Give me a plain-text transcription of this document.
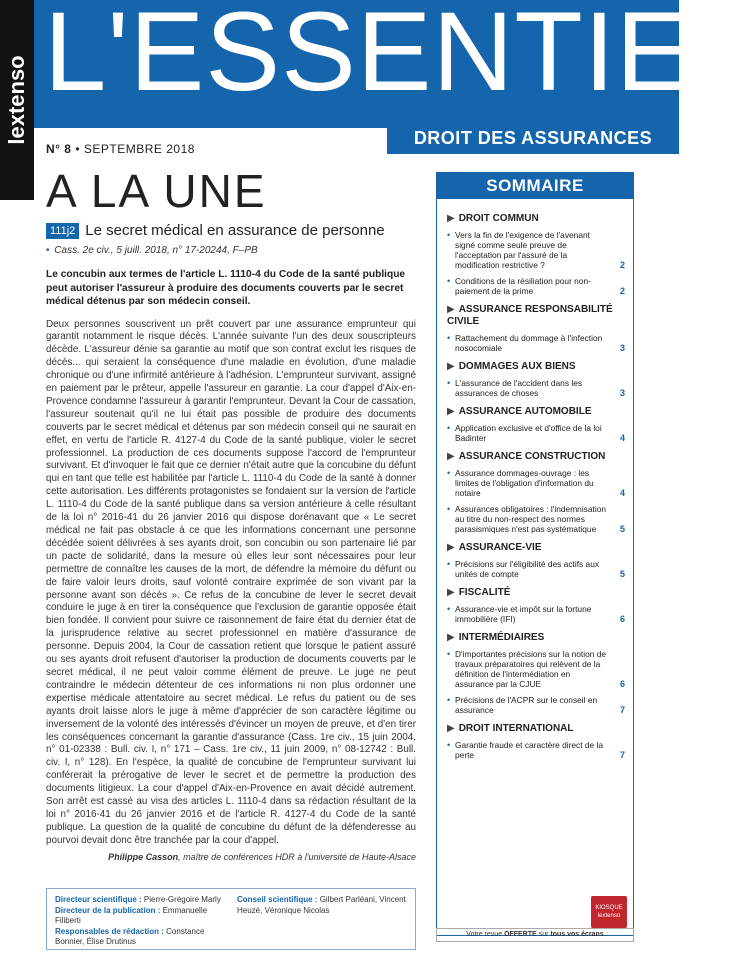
lextenso L'ESSENTIEL
DROIT DES ASSURANCES
N° 8 • SEPTEMBRE 2018
A LA UNE
111j2 Le secret médical en assurance de personne
• Cass. 2e civ., 5 juill. 2018, n° 17-20244, F–PB
Le concubin aux termes de l'article L. 1110-4 du Code de la santé publique peut autoriser l'assureur à produire des documents couverts par le secret médical détenus par son médecin conseil.
Deux personnes souscrivent un prêt couvert par une assurance emprunteur qui garantit notamment le risque décès. L'année suivante l'un des deux souscripteurs décède. L'assureur dénie sa garantie au motif que son contrat exclut les risques de décès... qui seraient la conséquence d'une maladie en évolution, d'une maladie chronique ou d'une infirmité antérieure à l'adhésion. L'emprunteur survivant, assigné en paiement par le prêteur, appelle l'assureur en garantie. La cour d'appel d'Aix-en-Provence condamne l'assureur à garantir l'emprunteur. Devant la Cour de cassation, l'assureur soutenait qu'il ne lui était pas possible de produire des documents couverts par le secret médical et détenus par son médecin conseil qui ne saurait en effet, en vertu de l'article R. 4127-4 du Code de la santé publique, violer le secret professionnel. La production de ces documents suppose l'accord de l'emprunteur survivant. Et d'invoquer le fait que ce dernier n'était autre que la concubine du défunt qui en tant que telle est habilitée par l'article L. 1110-4 du Code de la santé à donner cette autorisation. Les différents protagonistes se fondaient sur la version de l'article L. 1110-4 du Code de la santé publique dans sa version antérieure à celle résultant de la loi n° 2016-41 du 26 janvier 2016 qui dispose dorénavant que « Le secret médical ne fait pas obstacle à ce que les informations concernant une personne décédée soient délivrées à ses ayants droit, son concubin ou son partenaire lié par un pacte de solidarité, dans la mesure où elles leur sont nécessaires pour leur permettre de connaître les causes de la mort, de défendre la mémoire du défunt ou de faire valoir leurs droits, sauf volonté contraire exprimée de son vivant par la personne avant son décès ». Ce refus de la concubine de lever le secret devait conduire le juge à en tirer la conséquence que l'exclusion de garantie opposée était bien fondée. Il convient pour suivre ce raisonnement de faire état du dernier état de la jurisprudence relative au secret professionnel en matière d'assurance de personne. Depuis 2004, la Cour de cassation retient que lorsque le patient assuré ou ses ayants droit refusent d'autoriser la production de documents couverts par le secret médical, il ne peut valoir comme élément de preuve. Le juge ne peut contraindre le médecin détenteur de ces informations ni non plus ordonner une expertise médicale attentatoire au secret médical. Le refus du patient ou de ses ayants droit laisse alors le juge à même d'apprécier de son caractère légitime ou inversement de la volonté des intéressés d'évincer un moyen de preuve, et d'en tirer les conséquences concernant la garantie d'assurance (Cass. 1re civ., 15 juin 2004, n° 01-02338 : Bull. civ. I, n° 171 – Cass. 1re civ., 11 juin 2009, n° 08-12742 : Bull. civ. I, n° 128). En l'espèce, la qualité de concubine de l'emprunteur survivant lui conférerait la prérogative de lever le secret et de permettre la production des documents litigieux. La cour d'appel d'Aix-en-Provence en avait décidé autrement. Son arrêt est cassé au visa des articles L. 1110-4 dans sa rédaction résultant de la loi n° 2016-41 du 26 janvier 2016 et de l'article R. 4127-4 du Code de la santé publique. La question de la qualité de concubine du défunt de la défenderesse au pourvoi devait donc être tranchée par la cour d'appel.
Philippe Casson, maître de conférences HDR à l'université de Haute-Alsace
Directeur scientifique : Pierre-Grégoire Marly
Directeur de la publication : Emmanuelle Filiberti
Responsables de rédaction : Constance Bonnier, Élise Drutinus
Conseil scientifique : Gilbert Parléani, Vincent Heuzé, Véronique Nicolas
SOMMAIRE
▶ DROIT COMMUN
• Vers la fin de l'exigence de l'avenant signé comme seule preuve de l'acceptation par l'assuré de la modification restrictive ?	2
• Conditions de la résiliation pour non-paiement de la prime	2
▶ ASSURANCE RESPONSABILITÉ CIVILE
• Rattachement du dommage à l'infection nosocomiale	3
▶ DOMMAGES AUX BIENS
• L'assurance de l'accident dans les assurances de choses	3
▶ ASSURANCE AUTOMOBILE
• Application exclusive et d'office de la loi Badinter	4
▶ ASSURANCE CONSTRUCTION
• Assurance dommages-ouvrage : les limites de l'obligation d'information du notaire	4
• Assurances obligatoires : l'indemnisation au titre du non-respect des normes parasismiques n'est pas systématique	5
▶ ASSURANCE-VIE
• Précisions sur l'éligibilité des actifs aux unités de compte	5
▶ FISCALITÉ
• Assurance-vie et impôt sur la fortune immobilière (IFI)	6
▶ INTERMÉDIAIRES
• D'importantes précisions sur la notion de travaux préparatoires qui relèvent de la définition de l'intermédiation en assurance par la CJUE	6
• Précisions de l'ACPR sur le conseil en assurance	7
▶ DROIT INTERNATIONAL
• Garantie fraude et caractère direct de la perte	7
KIOSQUE
lextenso
Votre revue OFFERTE sur tous vos écrans
